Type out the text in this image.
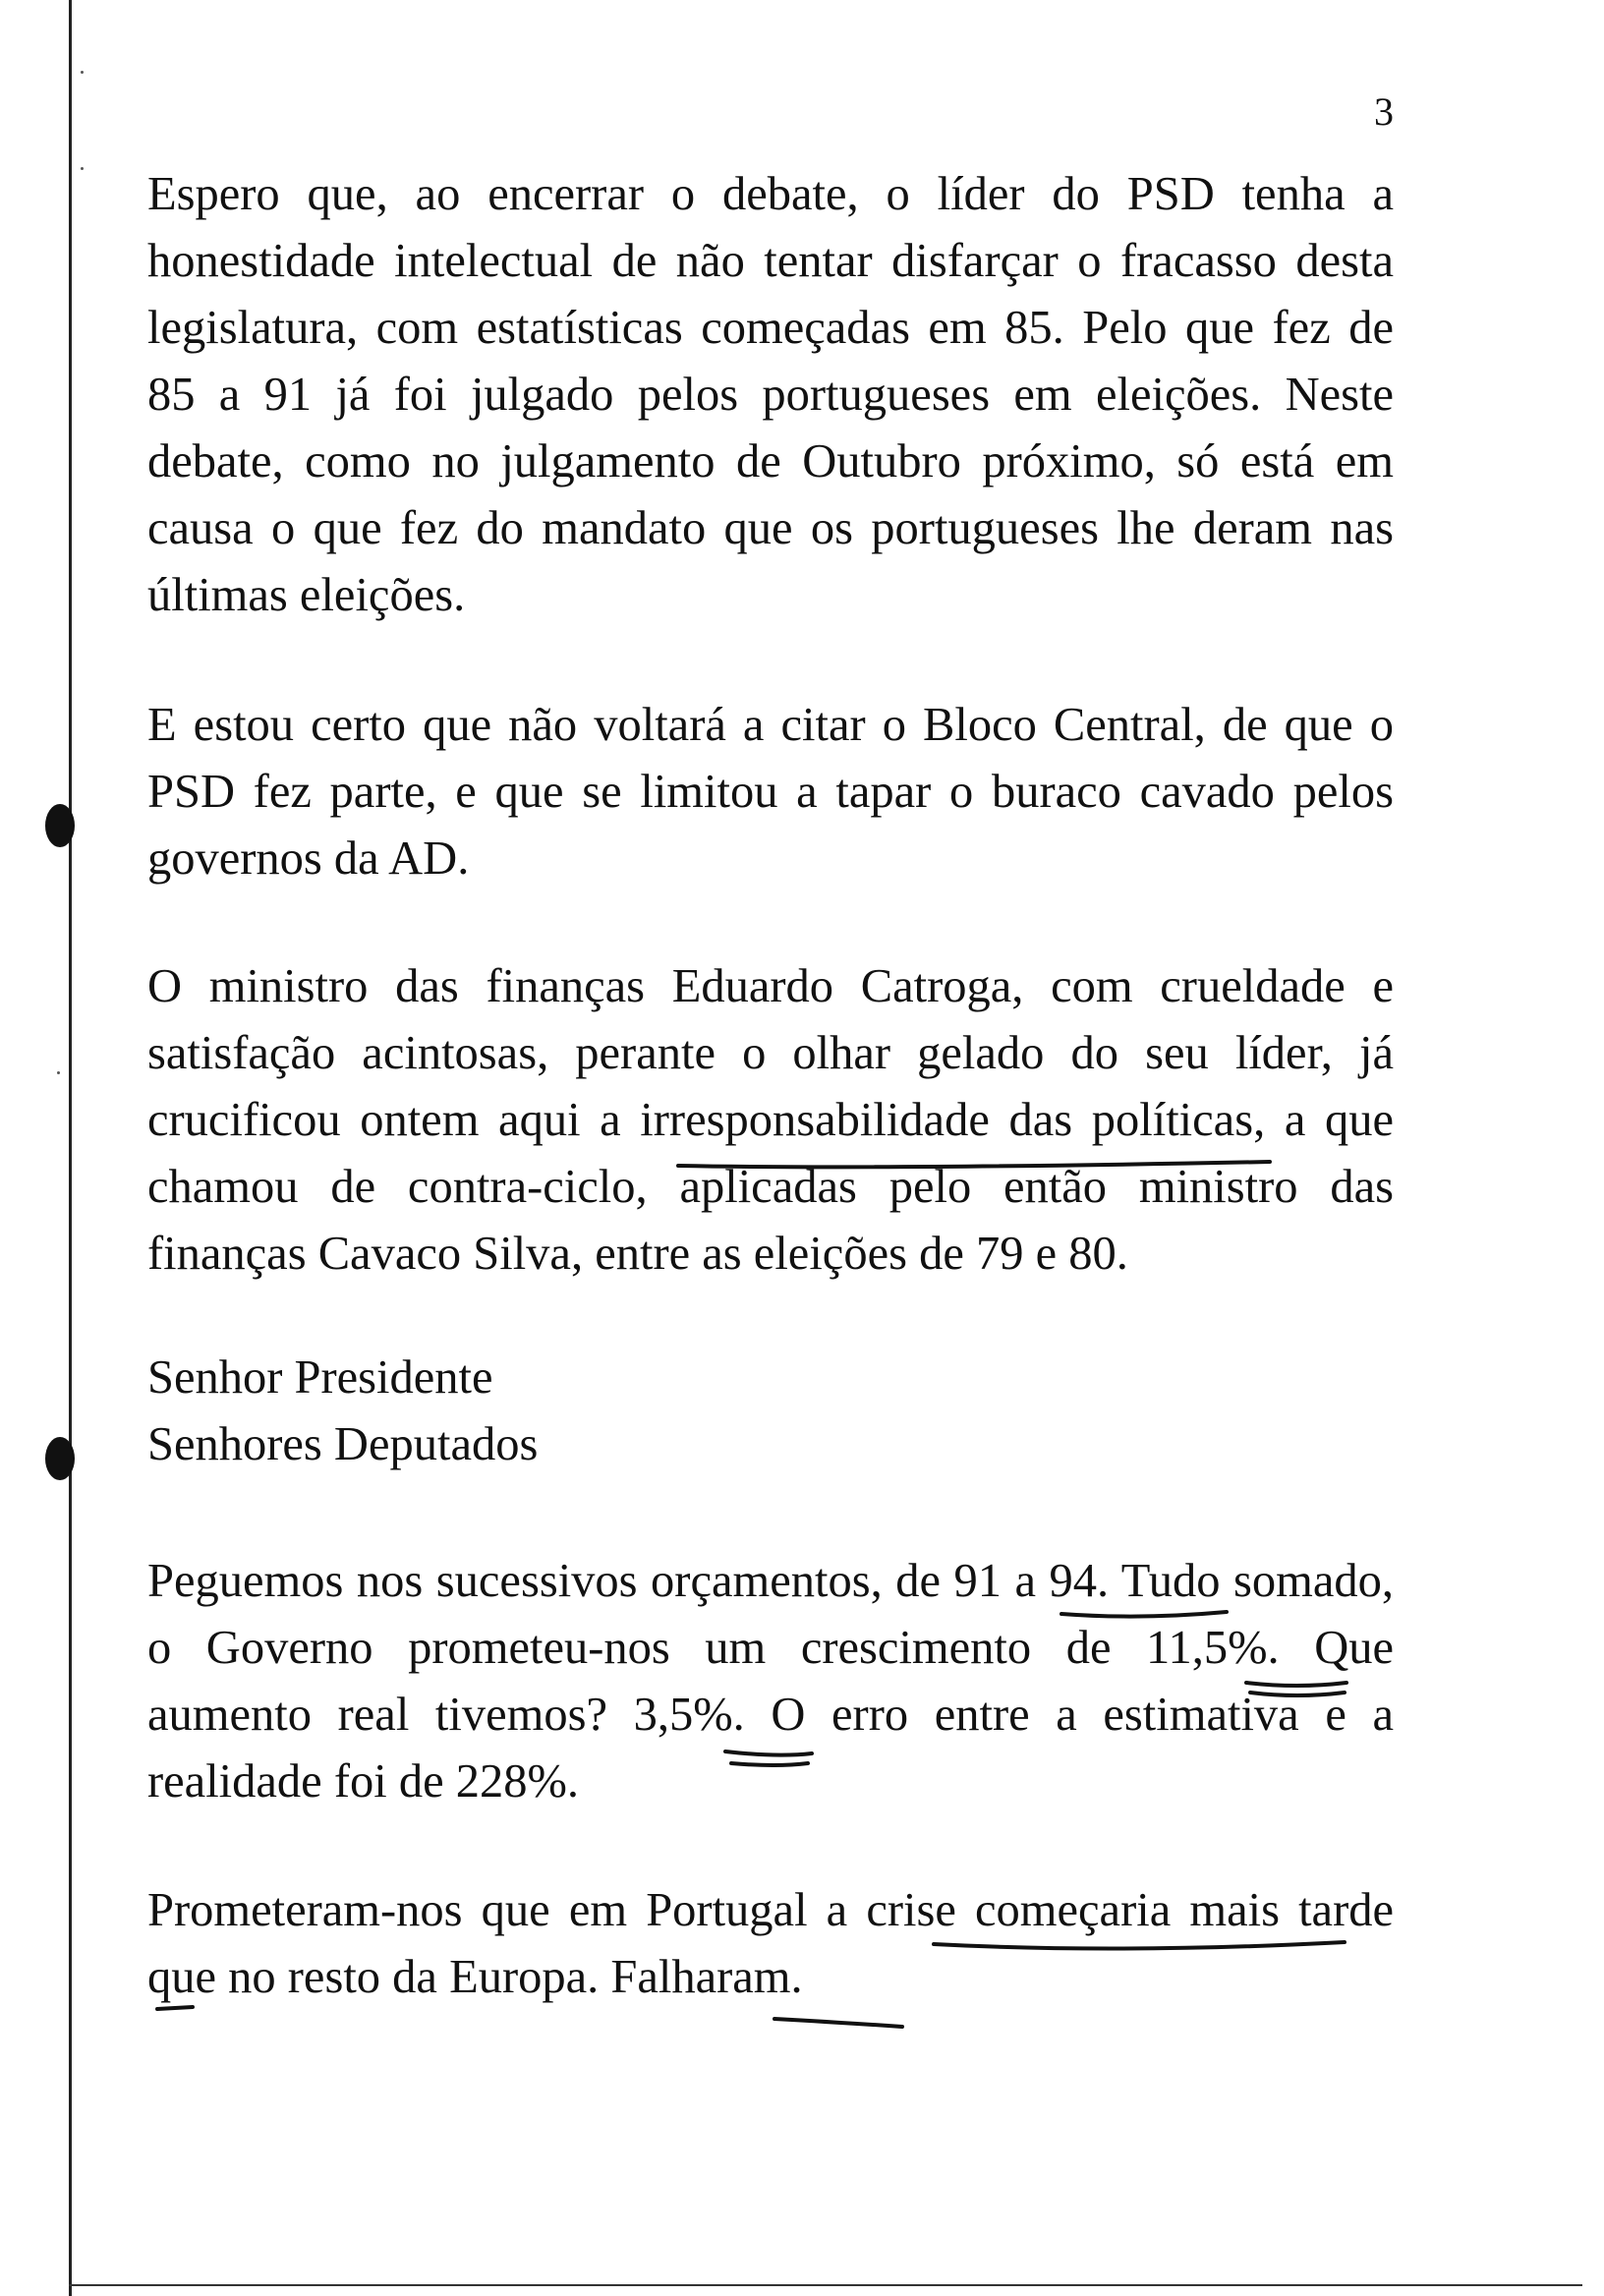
3

Espero que, ao encerrar o debate, o líder do PSD tenha a honestidade intelectual de não tentar disfarçar o fracasso desta legislatura, com estatísticas começadas em 85. Pelo que fez de 85 a 91 já foi julgado pelos portugueses em eleições. Neste debate, como no julgamento de Outubro próximo, só está em causa o que fez do mandato que os portugueses lhe deram nas últimas eleições.

E estou certo que não voltará a citar o Bloco Central, de que o PSD fez parte, e que se limitou a tapar o buraco cavado pelos governos da AD.

O ministro das finanças Eduardo Catroga, com crueldade e satisfação acintosas, perante o olhar gelado do seu líder, já crucificou ontem aqui a irresponsabilidade das políticas, a que chamou de contra-ciclo, aplicadas pelo então ministro das finanças Cavaco Silva, entre as eleições de 79 e 80.

Senhor Presidente
Senhores Deputados

Peguemos nos sucessivos orçamentos, de 91 a 94. Tudo somado, o Governo prometeu-nos um crescimento de 11,5%. Que aumento real tivemos? 3,5%. O erro entre a estimativa e a realidade foi de 228%.

Prometeram-nos que em Portugal a crise começaria mais tarde que no resto da Europa. Falharam.
